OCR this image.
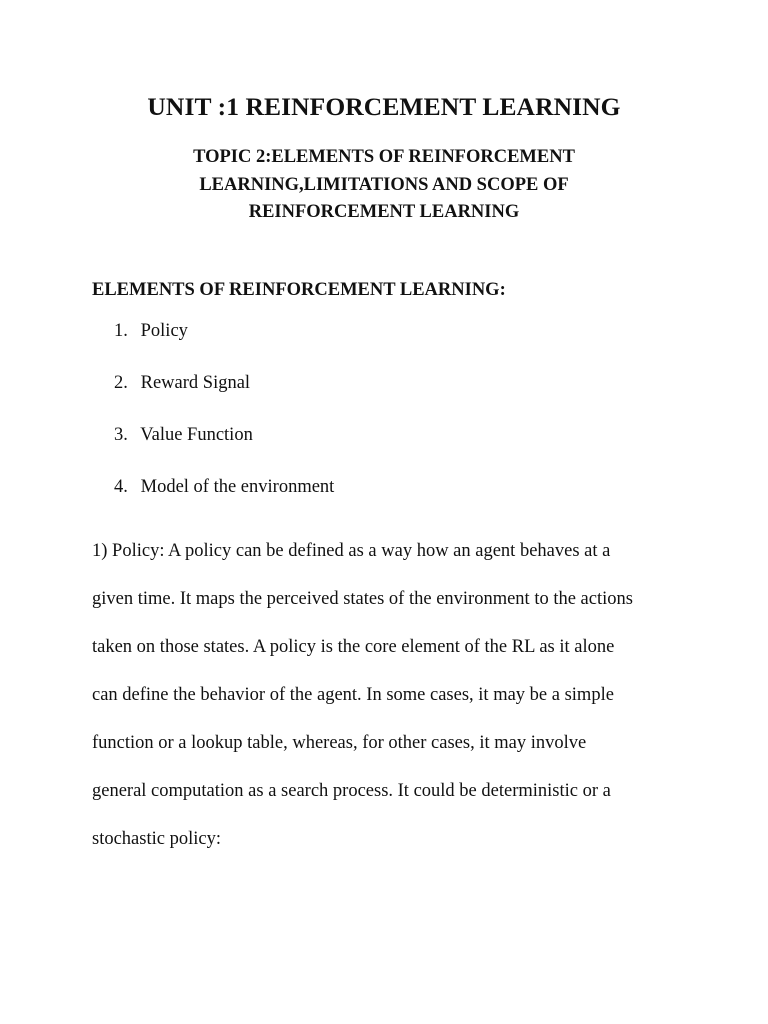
UNIT :1 REINFORCEMENT LEARNING
TOPIC 2:ELEMENTS OF REINFORCEMENT
LEARNING,LIMITATIONS AND SCOPE OF
REINFORCEMENT LEARNING
ELEMENTS OF REINFORCEMENT LEARNING:
1. Policy
2. Reward Signal
3. Value Function
4. Model of the environment

1) Policy: A policy can be defined as a way how an agent behaves at a
given time. It maps the perceived states of the environment to the actions
taken on those states. A policy is the core element of the RL as it alone
can define the behavior of the agent. In some cases, it may be a simple
function or a lookup table, whereas, for other cases, it may involve
general computation as a search process. It could be deterministic or a
stochastic policy:
